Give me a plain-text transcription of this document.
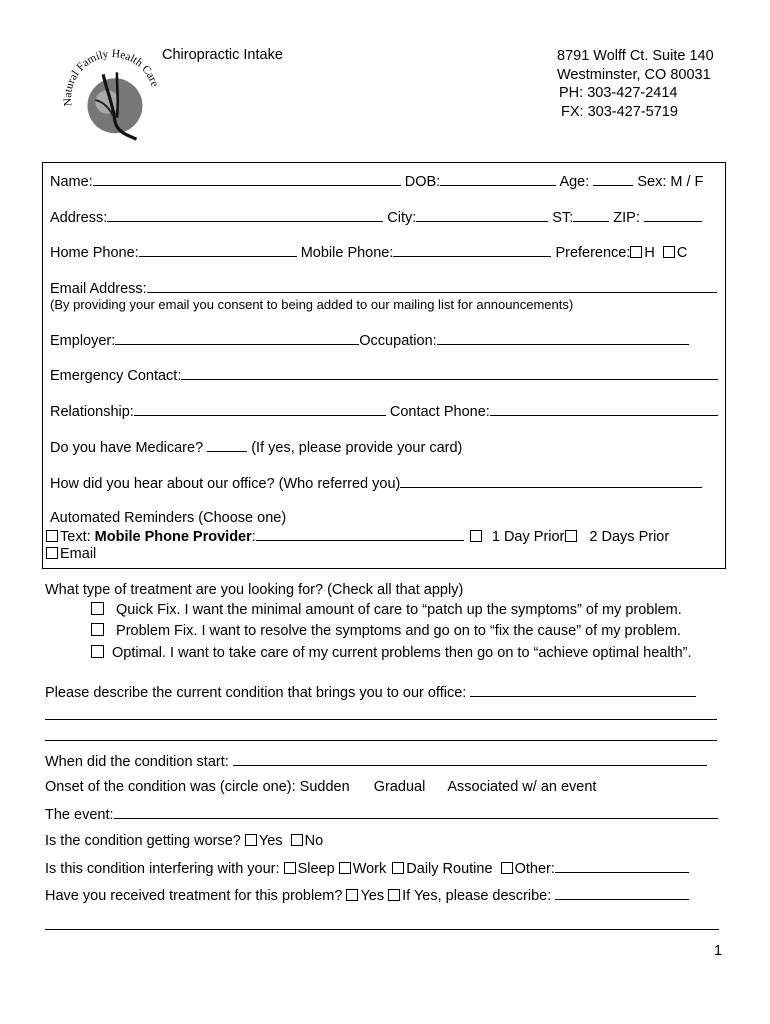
Natural Family Health Care
Chiropractic Intake	8791 Wolff Ct. Suite 140
Westminster, CO 80031
PH: 303-427-2414
FX: 303-427-5719
Name:	DOB:	Age:	Sex: M / F
Address:	City:	ST:	ZIP:
Home Phone:	Mobile Phone:	Preference: H C
Email Address:
(By providing your email you consent to being added to our mailing list for announcements)
Employer:	Occupation:
Emergency Contact:
Relationship:	Contact Phone:
Do you have Medicare?	(If yes, please provide your card)
How did you hear about our office? (Who referred you)
Automated Reminders (Choose one)
Text: Mobile Phone Provider:	1 Day Prior 2 Days Prior
Email
What type of treatment are you looking for? (Check all that apply)
Quick Fix. I want the minimal amount of care to “patch up the symptoms” of my problem.
Problem Fix. I want to resolve the symptoms and go on to “fix the cause” of my problem.
Optimal. I want to take care of my current problems then go on to “achieve optimal health”.
Please describe the current condition that brings you to our office:
When did the condition start:
Onset of the condition was (circle one): Sudden Gradual Associated w/ an event
The event:
Is the condition getting worse? Yes No
Is this condition interfering with your: Sleep Work Daily Routine Other:
Have you received treatment for this problem? Yes If Yes, please describe:
1
